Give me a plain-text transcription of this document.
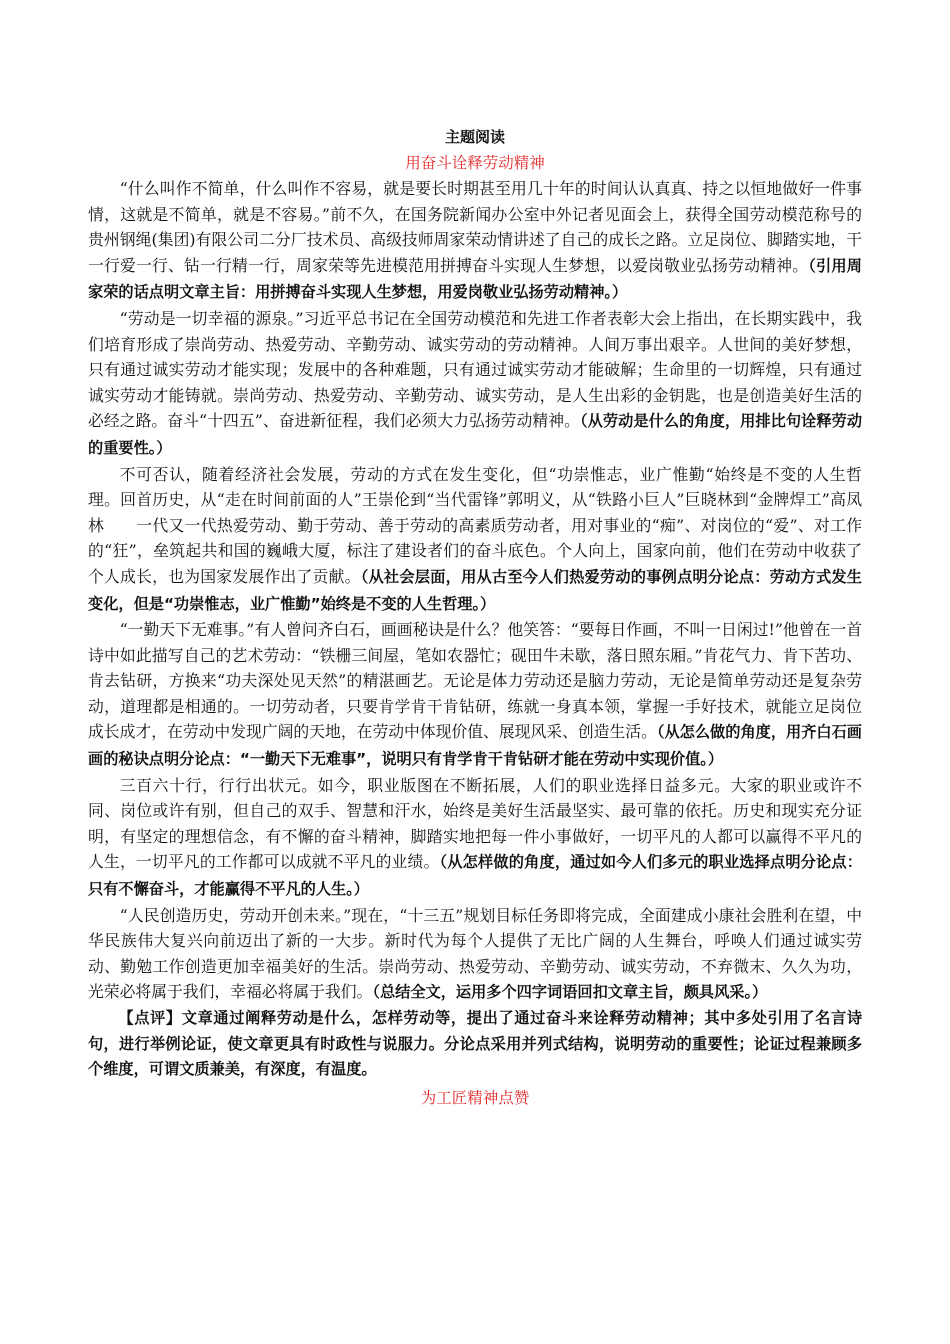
主题阅读
用奋斗诠释劳动精神

“什么叫作不简单，什么叫作不容易，就是要长时期甚至用几十年的时间认认真真、持之以恒地做好一件事情，这就是不简单，就是不容易。”前不久，在国务院新闻办公室中外记者见面会上，获得全国劳动模范称号的贵州钢绳(集团)有限公司二分厂技术员、高级技师周家荣动情讲述了自己的成长之路。立足岗位、脚踏实地，干一行爱一行、钻一行精一行，周家荣等先进模范用拼搏奋斗实现人生梦想，以爱岗敬业弘扬劳动精神。（引用周家荣的话点明文章主旨：用拼搏奋斗实现人生梦想，用爱岗敬业弘扬劳动精神。）

“劳动是一切幸福的源泉。”习近平总书记在全国劳动模范和先进工作者表彰大会上指出，在长期实践中，我们培育形成了崇尚劳动、热爱劳动、辛勤劳动、诚实劳动的劳动精神。人间万事出艰辛。人世间的美好梦想，只有通过诚实劳动才能实现；发展中的各种难题，只有通过诚实劳动才能破解；生命里的一切辉煌，只有通过诚实劳动才能铸就。崇尚劳动、热爱劳动、辛勤劳动、诚实劳动，是人生出彩的金钥匙，也是创造美好生活的必经之路。奋斗“十四五”、奋进新征程，我们必须大力弘扬劳动精神。（从劳动是什么的角度，用排比句诠释劳动的重要性。）

不可否认，随着经济社会发展，劳动的方式在发生变化，但“功崇惟志，业广惟勤“始终是不变的人生哲理。回首历史，从“走在时间前面的人”王崇伦到“当代雷锋”郭明义，从“铁路小巨人”巨晓林到“金牌焊工”高凤林　　一代又一代热爱劳动、勤于劳动、善于劳动的高素质劳动者，用对事业的“痴”、对岗位的“爱”、对工作的“狂”，垒筑起共和国的巍峨大厦，标注了建设者们的奋斗底色。个人向上，国家向前，他们在劳动中收获了个人成长，也为国家发展作出了贡献。（从社会层面，用从古至今人们热爱劳动的事例点明分论点：劳动方式发生变化，但是“功崇惟志，业广惟勤”始终是不变的人生哲理。）

“一勤天下无难事。”有人曾问齐白石，画画秘诀是什么？他笑答：“要每日作画，不叫一日闲过!”他曾在一首诗中如此描写自己的艺术劳动：“铁栅三间屋，笔如农器忙；砚田牛未歇，落日照东厢。”肯花气力、肯下苦功、肯去钻研，方换来“功夫深处见天然”的精湛画艺。无论是体力劳动还是脑力劳动，无论是简单劳动还是复杂劳动，道理都是相通的。一切劳动者，只要肯学肯干肯钻研，练就一身真本领，掌握一手好技术，就能立足岗位成长成才，在劳动中发现广阔的天地，在劳动中体现价值、展现风采、创造生活。（从怎么做的角度，用齐白石画画的秘诀点明分论点：“一勤天下无难事”，说明只有肯学肯干肯钻研才能在劳动中实现价值。）

三百六十行，行行出状元。如今，职业版图在不断拓展，人们的职业选择日益多元。大家的职业或许不同、岗位或许有别，但自己的双手、智慧和汗水，始终是美好生活最坚实、最可靠的依托。历史和现实充分证明，有坚定的理想信念，有不懈的奋斗精神，脚踏实地把每一件小事做好，一切平凡的人都可以赢得不平凡的人生，一切平凡的工作都可以成就不平凡的业绩。（从怎样做的角度，通过如今人们多元的职业选择点明分论点：只有不懈奋斗，才能赢得不平凡的人生。）

“人民创造历史，劳动开创未来。”现在，“十三五”规划目标任务即将完成，全面建成小康社会胜利在望，中华民族伟大复兴向前迈出了新的一大步。新时代为每个人提供了无比广阔的人生舞台，呼唤人们通过诚实劳动、勤勉工作创造更加幸福美好的生活。崇尚劳动、热爱劳动、辛勤劳动、诚实劳动，不弃微末、久久为功，光荣必将属于我们，幸福必将属于我们。（总结全文，运用多个四字词语回扣文章主旨，颇具风采。）

【点评】文章通过阐释劳动是什么，怎样劳动等，提出了通过奋斗来诠释劳动精神；其中多处引用了名言诗句，进行举例论证，使文章更具有时政性与说服力。分论点采用并列式结构，说明劳动的重要性；论证过程兼顾多个维度，可谓文质兼美，有深度，有温度。

为工匠精神点赞
